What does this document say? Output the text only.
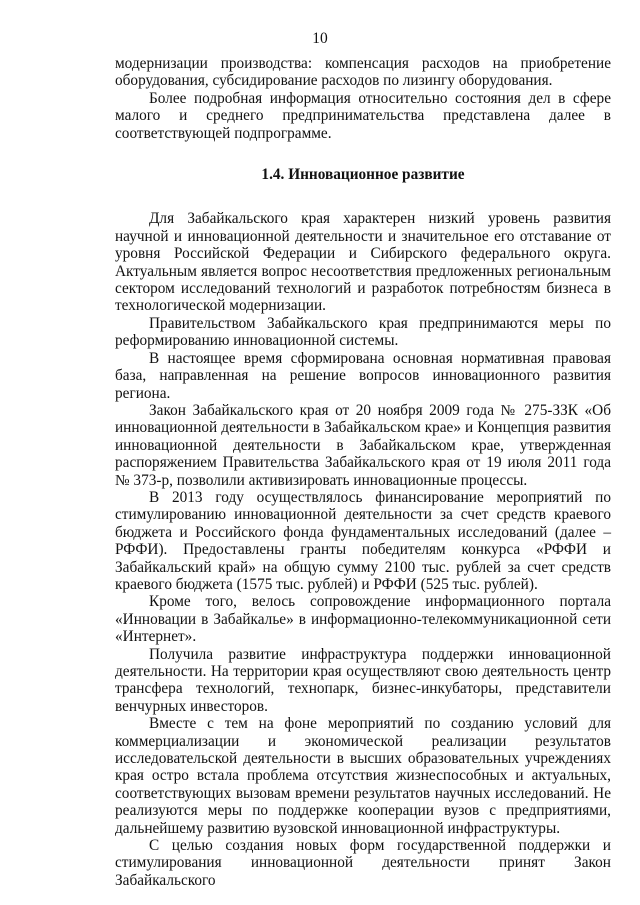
10

модернизации производства: компенсация расходов на приобретение оборудования, субсидирование расходов по лизингу оборудования.

Более подробная информация относительно состояния дел в сфере малого и среднего предпринимательства представлена далее в соответствующей подпрограмме.

1.4. Инновационное развитие

Для Забайкальского края характерен низкий уровень развития научной и инновационной деятельности и значительное его отставание от уровня Российской Федерации и Сибирского федерального округа. Актуальным является вопрос несоответствия предложенных региональным сектором исследований технологий и разработок потребностям бизнеса в технологической модернизации.

Правительством Забайкальского края предпринимаются меры по реформированию инновационной системы.

В настоящее время сформирована основная нормативная правовая база, направленная на решение вопросов инновационного развития региона.

Закон Забайкальского края от 20 ноября 2009 года № 275-ЗЗК «Об инновационной деятельности в Забайкальском крае» и Концепция развития инновационной деятельности в Забайкальском крае, утвержденная распоряжением Правительства Забайкальского края от 19 июля 2011 года № 373-р, позволили активизировать инновационные процессы.

В 2013 году осуществлялось финансирование мероприятий по стимулированию инновационной деятельности за счет средств краевого бюджета и Российского фонда фундаментальных исследований (далее – РФФИ). Предоставлены гранты победителям конкурса «РФФИ и Забайкальский край» на общую сумму 2100 тыс. рублей за счет средств краевого бюджета (1575 тыс. рублей) и РФФИ (525 тыс. рублей).

Кроме того, велось сопровождение информационного портала «Инновации в Забайкалье» в информационно-телекоммуникационной сети «Интернет».

Получила развитие инфраструктура поддержки инновационной деятельности. На территории края осуществляют свою деятельность центр трансфера технологий, технопарк, бизнес-инкубаторы, представители венчурных инвесторов.

Вместе с тем на фоне мероприятий по созданию условий для коммерциализации и экономической реализации результатов исследовательской деятельности в высших образовательных учреждениях края остро встала проблема отсутствия жизнеспособных и актуальных, соответствующих вызовам времени результатов научных исследований. Не реализуются меры по поддержке кооперации вузов с предприятиями, дальнейшему развитию вузовской инновационной инфраструктуры.

С целью создания новых форм государственной поддержки и стимулирования инновационной деятельности принят Закон Забайкальского
